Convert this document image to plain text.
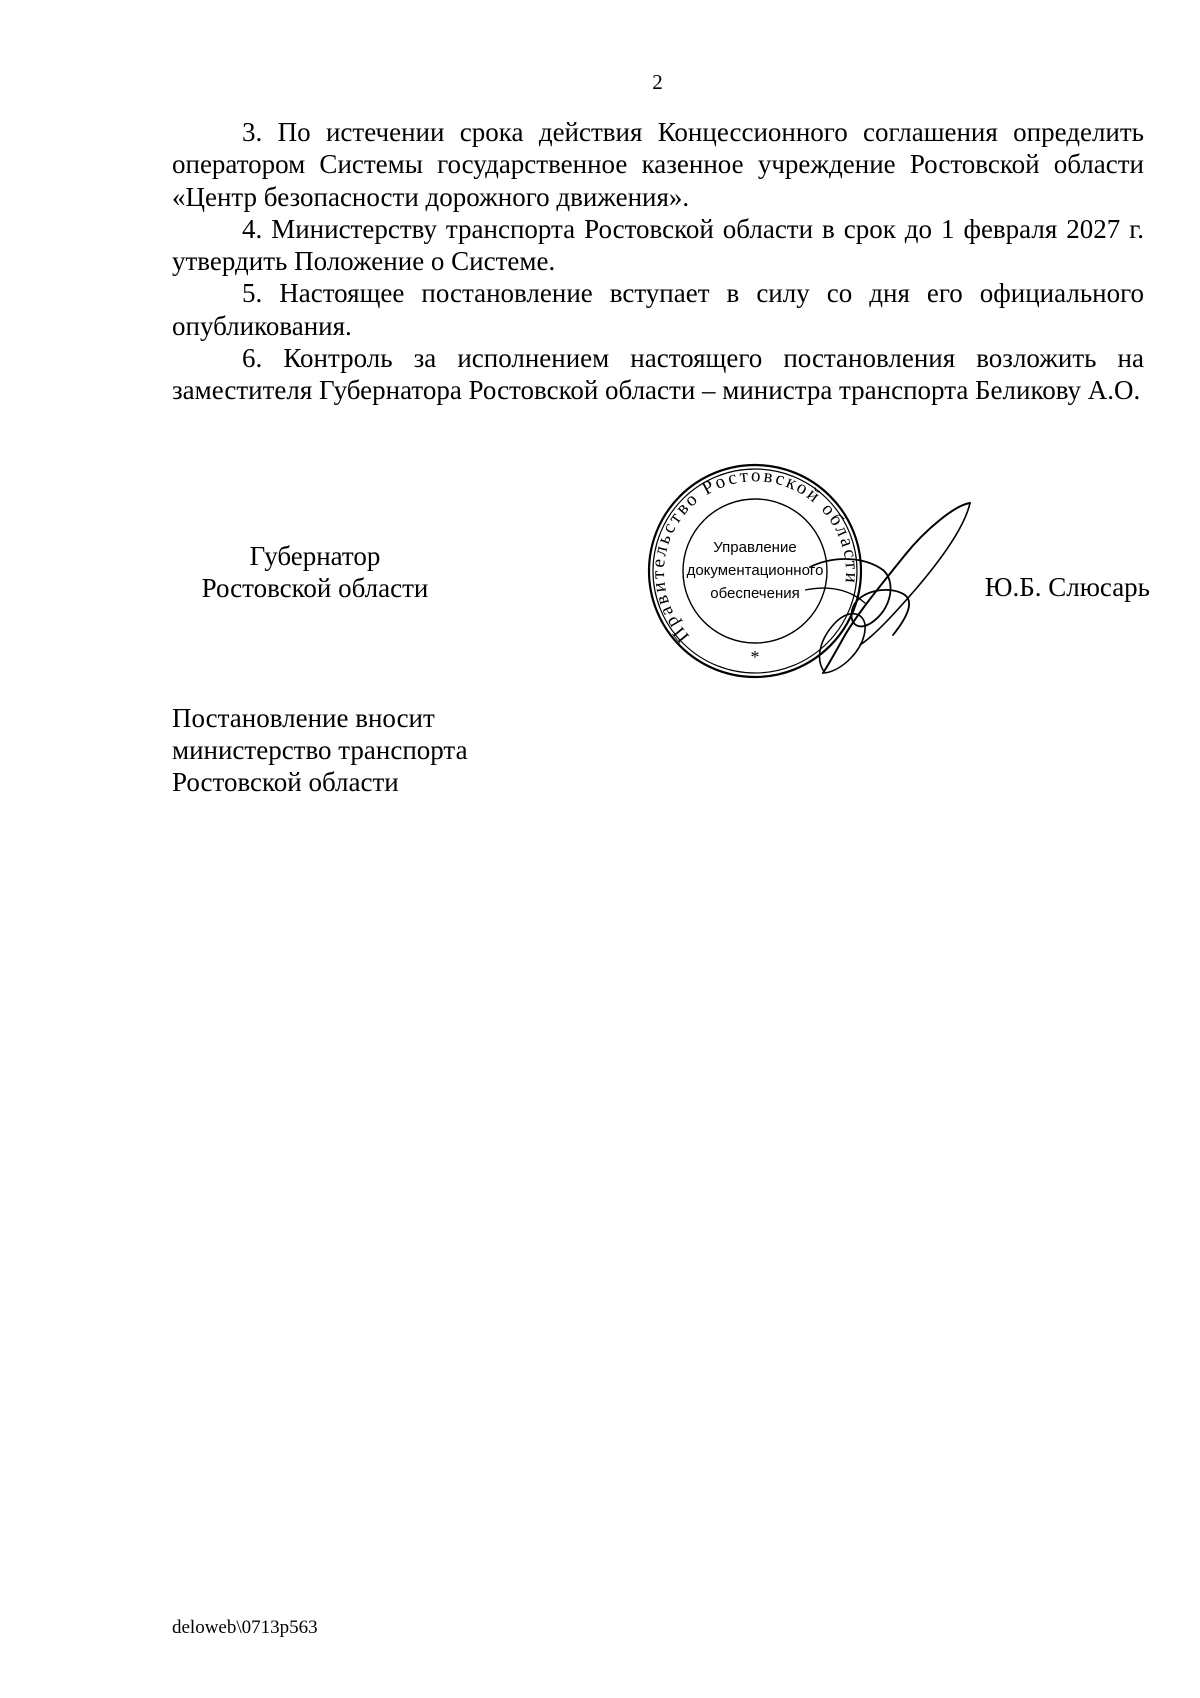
2

3. По истечении срока действия Концессионного соглашения определить оператором Системы государственное казенное учреждение Ростовской области «Центр безопасности дорожного движения».

4. Министерству транспорта Ростовской области в срок до 1 февраля 2027 г. утвердить Положение о Системе.

5. Настоящее постановление вступает в силу со дня его официального опубликования.

6. Контроль за исполнением настоящего постановления возложить на заместителя Губернатора Ростовской области – министра транспорта Беликову А.О.

Губернатор
Ростовской области
Правительство Ростовской области
Управление
документационного
обеспечения
*
Ю.Б. Слюсарь
Постановление вносит
министерство транспорта
Ростовской области
deloweb\0713p563
